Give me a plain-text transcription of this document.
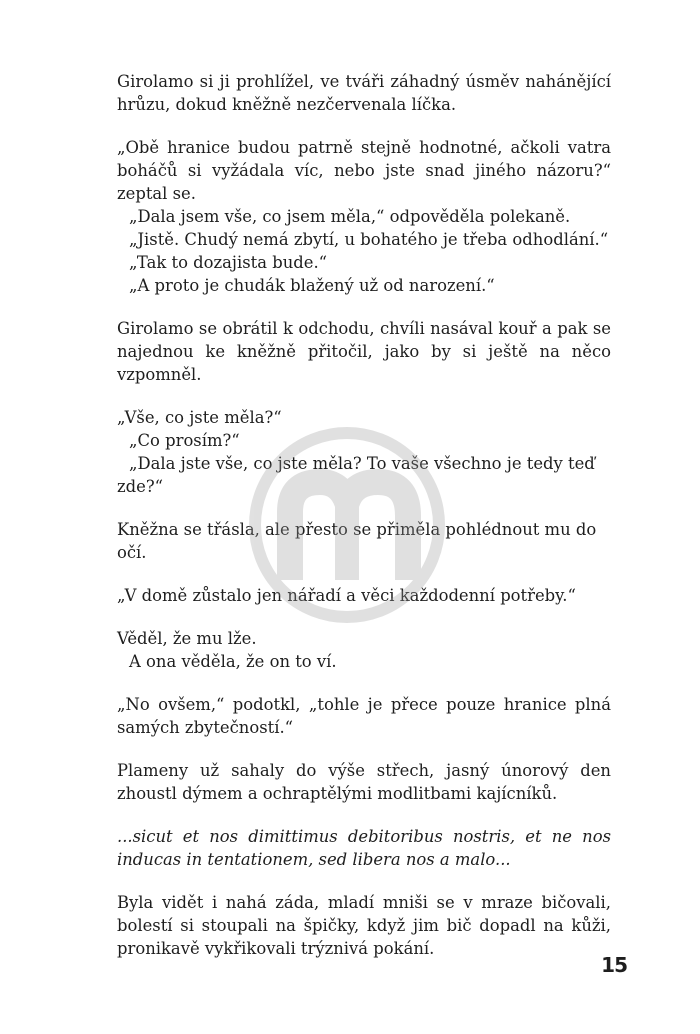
Girolamo si ji prohlížel, ve tváři záhadný úsměv nahánějící hrůzu, dokud kněžně nezčervenala líčka.

„Obě hranice budou patrně stejně hodnotné, ačkoli vatra boháčů si vyžádala víc, nebo jste snad jiného názoru?“ zeptal se.

„Dala jsem vše, co jsem měla,“ odpověděla polekaně.

„Jistě. Chudý nemá zbytí, u bohatého je třeba odhodlání.“

„Tak to dozajista bude.“

„A proto je chudák blažený už od narození.“

Girolamo se obrátil k odchodu, chvíli nasával kouř a pak se najednou ke kněžně přitočil, jako by si ještě na něco vzpomněl.

„Vše, co jste měla?“

„Co prosím?“

„Dala jste vše, co jste měla? To vaše všechno je tedy teď zde?“

Kněžna se třásla, ale přesto se přiměla pohlédnout mu do očí.

„V domě zůstalo jen nářadí a věci každodenní potřeby.“

Věděl, že mu lže.

A ona věděla, že on to ví.

„No ovšem,“ podotkl, „tohle je přece pouze hranice plná samých zbytečností.“

Plameny už sahaly do výše střech, jasný únorový den zhoustl dýmem a ochraptělými modlitbami kajícníků.

...sicut et nos dimittimus debitoribus nostris, et ne nos inducas in tentationem, sed libera nos a malo...

Byla vidět i nahá záda, mladí mniši se v mraze bičovali, bolestí si stoupali na špičky, když jim bič dopadl na kůži, pronikavě vykřikovali trýznivá pokání.

15
